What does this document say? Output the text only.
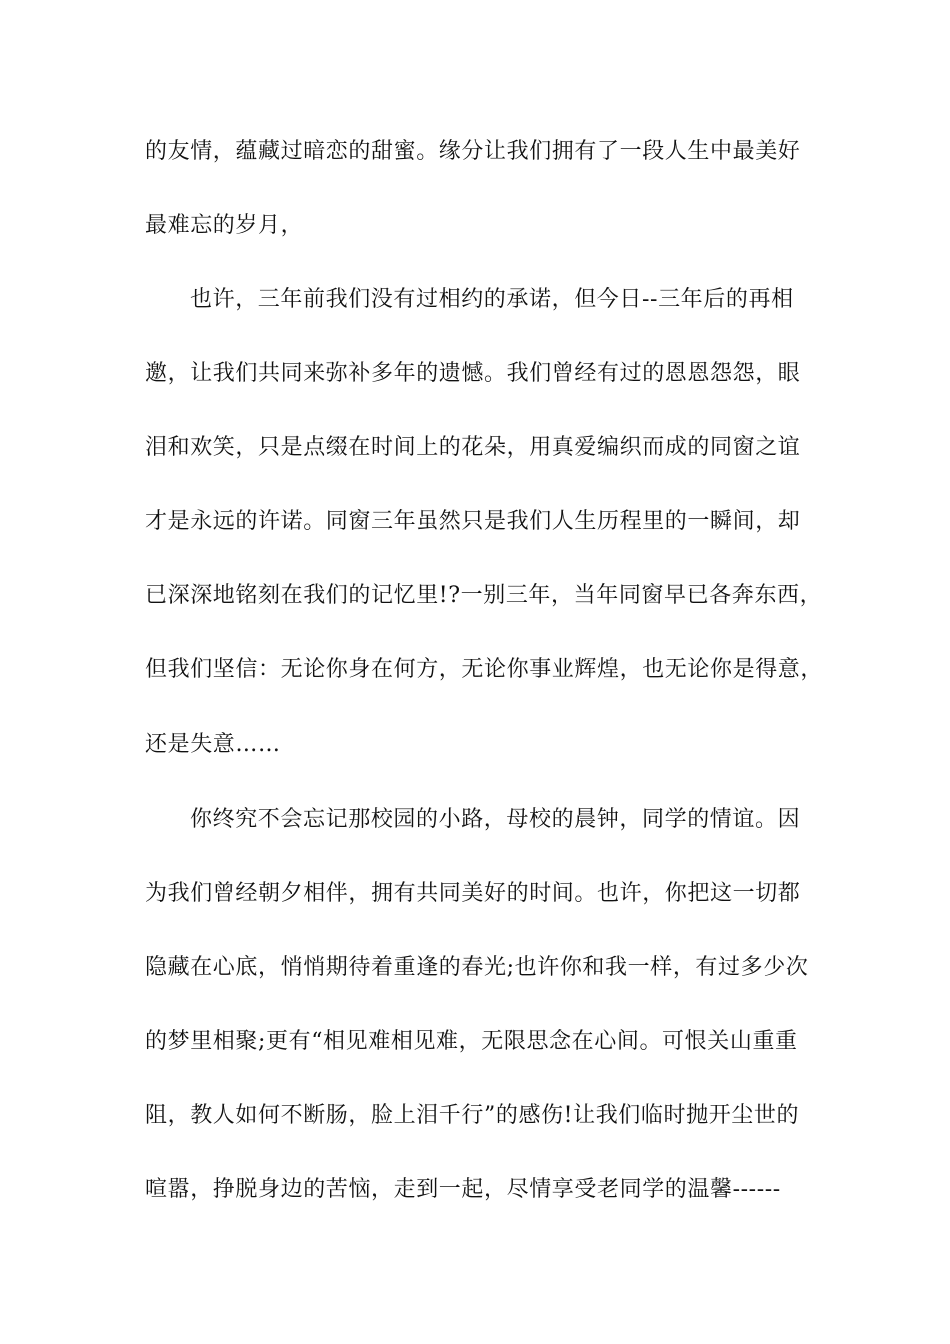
的友情，蕴藏过暗恋的甜蜜。缘分让我们拥有了一段人生中最美好
最难忘的岁月，
也许，三年前我们没有过相约的承诺，但今日--三年后的再相
邀，让我们共同来弥补多年的遗憾。我们曾经有过的恩恩怨怨，眼
泪和欢笑，只是点缀在时间上的花朵，用真爱编织而成的同窗之谊
才是永远的许诺。同窗三年虽然只是我们人生历程里的一瞬间，却
已深深地铭刻在我们的记忆里!?一别三年，当年同窗早已各奔东西，
但我们坚信：无论你身在何方，无论你事业辉煌，也无论你是得意，
还是失意……
你终究不会忘记那校园的小路，母校的晨钟，同学的情谊。因
为我们曾经朝夕相伴，拥有共同美好的时间。也许，你把这一切都
隐藏在心底，悄悄期待着重逢的春光;也许你和我一样，有过多少次
的梦里相聚;更有“相见难相见难，无限思念在心间。可恨关山重重
阻，教人如何不断肠，脸上泪千行”的感伤!让我们临时抛开尘世的
喧嚣，挣脱身边的苦恼，走到一起，尽情享受老同学的温馨------
